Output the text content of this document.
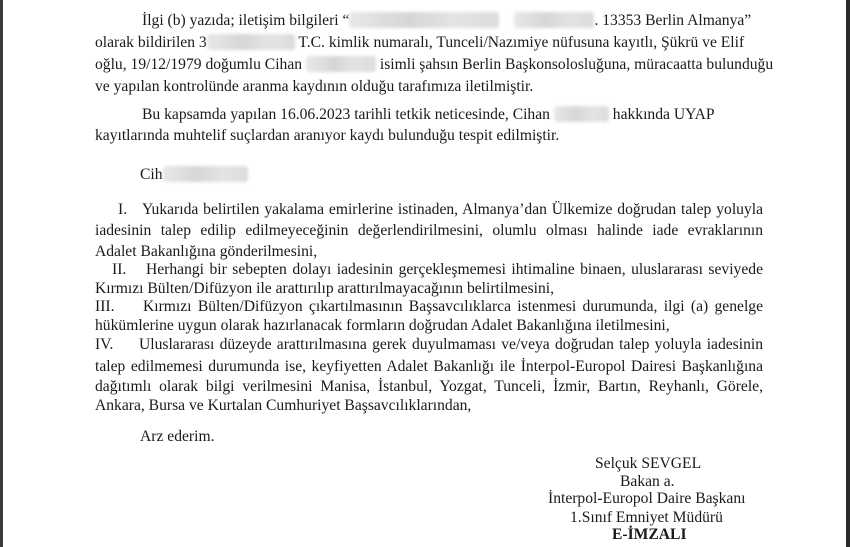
İlgi (b) yazıda; iletişim bilgileri “	. 13353 Berlin Almanya”
olarak bildirilen 3	T.C. kimlik numaralı, Tunceli/Nazımiye nüfusuna kayıtlı, Şükrü ve Elif
oğlu, 19/12/1979 doğumlu Cihan	isimli şahsın Berlin Başkonsolosluğuna, müracaatta bulunduğu
ve yapılan kontrolünde aranma kaydının olduğu tarafımıza iletilmiştir.
Bu kapsamda yapılan 16.06.2023 tarihli tetkik neticesinde, Cihan	hakkında UYAP
kayıtlarında muhtelif suçlardan aranıyor kaydı bulunduğu tespit edilmiştir.
Cih
I. Yukarıda belirtilen yakalama emirlerine istinaden, Almanya’dan Ülkemize doğrudan talep yoluyla
iadesinin talep edilip edilmeyeceğinin değerlendirilmesini, olumlu olması halinde iade evraklarının
Adalet Bakanlığına gönderilmesini,
II. Herhangi bir sebepten dolayı iadesinin gerçekleşmemesi ihtimaline binaen, uluslararası seviyede
Kırmızı Bülten/Difüzyon ile arattırılıp arattırılmayacağının belirtilmesini,
III. Kırmızı Bülten/Difüzyon çıkartılmasının Başsavcılıklarca istenmesi durumunda, ilgi (a) genelge
hükümlerine uygun olarak hazırlanacak formların doğrudan Adalet Bakanlığına iletilmesini,
IV. Uluslararası düzeyde arattırılmasına gerek duyulmaması ve/veya doğrudan talep yoluyla iadesinin
talep edilmemesi durumunda ise, keyfiyetten Adalet Bakanlığı ile İnterpol-Europol Dairesi Başkanlığına
dağıtımlı olarak bilgi verilmesini Manisa, İstanbul, Yozgat, Tunceli, İzmir, Bartın, Reyhanlı, Görele,
Ankara, Bursa ve Kurtalan Cumhuriyet Başsavcılıklarından,
Arz ederim.
Selçuk SEVGEL
Bakan a.
İnterpol-Europol Daire Başkanı
1.Sınıf Emniyet Müdürü
E-İMZALI
